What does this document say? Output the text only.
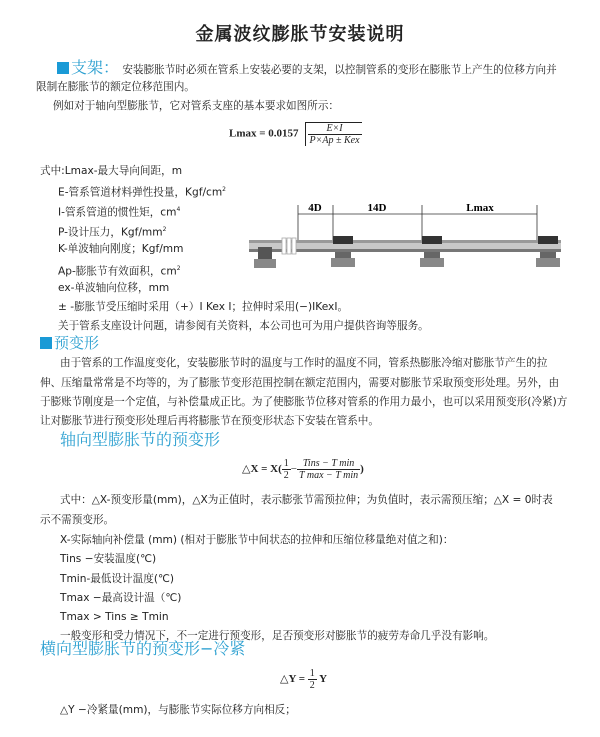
金属波纹膨胀节安装说明
支架： 安装膨胀节时必须在管系上安装必要的支架，以控制管系的变形在膨胀节上产生的位移方向并
限制在膨胀节的额定位移范围内。
例如对于轴向型膨胀节，它对管系支座的基本要求如图所示：
$Lmax = 0.0157 \frac{E\times I}{\text{P×Ap ± Kex}}$
式中:Lmax-最大导向间距，m
E-管系管道材料弹性投量，Kgf/$cm^2$
I-管系管道的惯性矩，$cm^4$
P-设计压力，Kgf/$mm^2$
K-单波轴向刚度；Kgf/mm
Ap-膨胀节有效面积，$cm^2$
ex-单波轴向位移，mm
± -膨胀节受压缩时采用（+）I Kex I；拉伸时采用(−)IKexI。
关于管系支座设计问题，请参阅有关资料，本公司也可为用户提供咨询等服务。
4D	14D	Lmax
预变形
由于管系的工作温度变化，安装膨胀节时的温度与工作时的温度不同，管系热膨胀冷缩对膨胀节产生的拉
伸、压缩量常常是不均等的，为了膨胀节变形范围控制在额定范围内，需要对膨胀节采取预变形处理。另外，由
于膨账节刚度是一个定值，与补偿量成正比。为了使膨胀节位移对管系的作用力最小，也可以采用预变形(冷紧)方
让对膨胀节进行预变形处理后再将膨胀节在预变形状态下安装在管系中。
轴向型膨胀节的预变形
△X = $X( \frac{1}{2} - \frac{\text{Tins − T min}}{\text{T max − T min}}$ )
式中：△X-预变形量(mm)，△X为正值时，表示膨张节需预拉伸；为负值时，表示需预压缩；△X = 0时表
示不需预变形。
X-实际轴向补偿量 (mm) (相对于膨胀节中间状态的拉伸和压缩位移量绝对值之和)：
Tins −安装温度(℃)
Tmin-最低设计温度(℃)
Tmax −最高设计温（℃)
Tmax > Tins ≥ Tmin
一般变形和受力情况下，不一定进行预变形，足否预变形对膨胀节的疲劳寿命几乎没有影响。
横向型膨胀节的预变形−冷紧
△Y = $\frac{1}{2}$ Y
△Y −冷紧量(mm)，与膨胀节实际位移方向相反；
